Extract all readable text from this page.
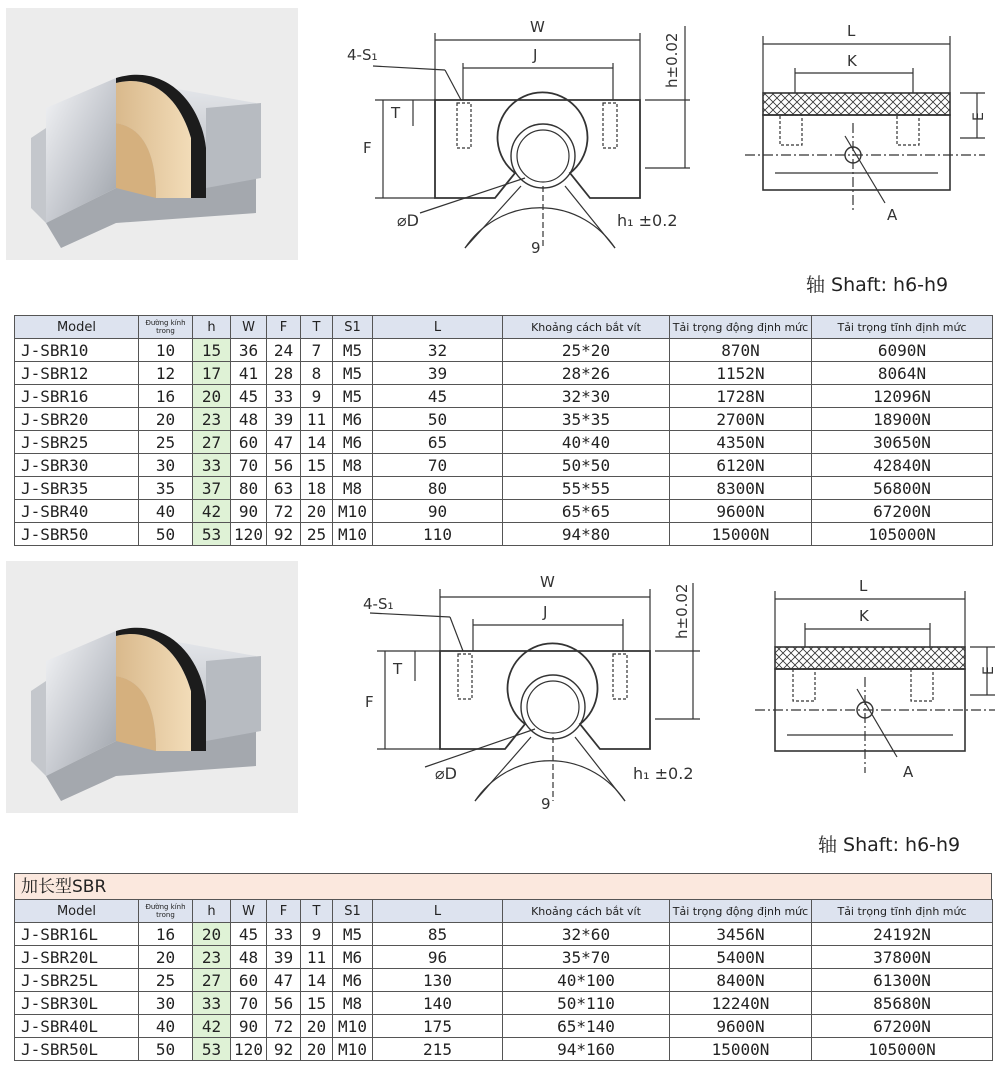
W
J
4-S₁
T
F
h±0.02
⌀D	h₁ ±0.2
9
L
K
E
A
轴 Shaft: h6-h9
Model	Đường kính trong	h	W	F	T	S1	L	Khoảng cách bắt vít	Tải trọng động định mức	Tải trọng tĩnh định mức
J-SBR10	10	15	36	24	7	M5	32	25*20	870N	6090N
J-SBR12	12	17	41	28	8	M5	39	28*26	1152N	8064N
J-SBR16	16	20	45	33	9	M5	45	32*30	1728N	12096N
J-SBR20	20	23	48	39	11	M6	50	35*35	2700N	18900N
J-SBR25	25	27	60	47	14	M6	65	40*40	4350N	30650N
J-SBR30	30	33	70	56	15	M8	70	50*50	6120N	42840N
J-SBR35	35	37	80	63	18	M8	80	55*55	8300N	56800N
J-SBR40	40	42	90	72	20	M10	90	65*65	9600N	67200N
J-SBR50	50	53	120	92	25	M10	110	94*80	15000N	105000N
W
J
4-S₁
T
F
h±0.02
⌀D	h₁ ±0.2
9
L
K
E
A
轴 Shaft: h6-h9
加长型SBR
Model	Đường kính trong	h	W	F	T	S1	L	Khoảng cách bắt vít	Tải trọng động định mức	Tải trọng tĩnh định mức
J-SBR16L	16	20	45	33	9	M5	85	32*60	3456N	24192N
J-SBR20L	20	23	48	39	11	M6	96	35*70	5400N	37800N
J-SBR25L	25	27	60	47	14	M6	130	40*100	8400N	61300N
J-SBR30L	30	33	70	56	15	M8	140	50*110	12240N	85680N
J-SBR40L	40	42	90	72	20	M10	175	65*140	9600N	67200N
J-SBR50L	50	53	120	92	20	M10	215	94*160	15000N	105000N
